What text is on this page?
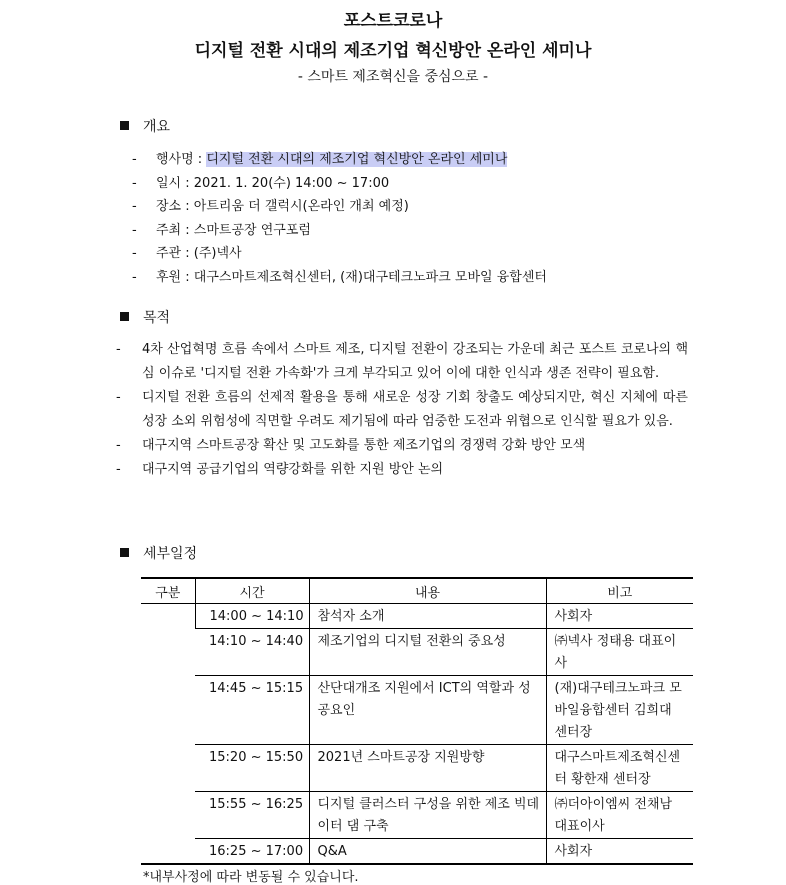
포스트코로나
디지털 전환 시대의 제조기업 혁신방안 온라인 세미나
- 스마트 제조혁신을 중심으로 -
개요
- 행사명 : 디지털 전환 시대의 제조기업 혁신방안 온라인 세미나
- 일시 : 2021. 1. 20(수) 14:00 ~ 17:00
- 장소 : 아트리움 더 갤럭시(온라인 개최 예정)
- 주최 : 스마트공장 연구포럼
- 주관 : (주)넥사
- 후원 : 대구스마트제조혁신센터, (재)대구테크노파크 모바일 융합센터
목적
- 4차 산업혁명 흐름 속에서 스마트 제조, 디지털 전환이 강조되는 가운데 최근 포스트 코로나의 핵심 이슈로 '디지털 전환 가속화'가 크게 부각되고 있어 이에 대한 인식과 생존 전략이 필요함.
- 디지털 전환 흐름의 선제적 활용을 통해 새로운 성장 기회 창출도 예상되지만, 혁신 지체에 따른 성장 소외 위험성에 직면할 우려도 제기됨에 따라 엄중한 도전과 위협으로 인식할 필요가 있음.
- 대구지역 스마트공장 확산 및 고도화를 통한 제조기업의 경쟁력 강화 방안 모색
- 대구지역 공급기업의 역량강화를 위한 지원 방안 논의
세부일정
구분	시간	내용	비고
	14:00 ~ 14:10	참석자 소개	사회자
	14:10 ~ 14:40	제조기업의 디지털 전환의 중요성	㈜넥사 정태용 대표이사
	14:45 ~ 15:15	산단대개조 지원에서 ICT의 역할과 성공요인	(재)대구테크노파크 모바일융합센터 김희대 센터장
	15:20 ~ 15:50	2021년 스마트공장 지원방향	대구스마트제조혁신센터 황한재 센터장
	15:55 ~ 16:25	디지털 클러스터 구성을 위한 제조 빅데이터 댐 구축	㈜더아이엠씨 전채남 대표이사
	16:25 ~ 17:00	Q&A	사회자
*내부사정에 따라 변동될 수 있습니다.
